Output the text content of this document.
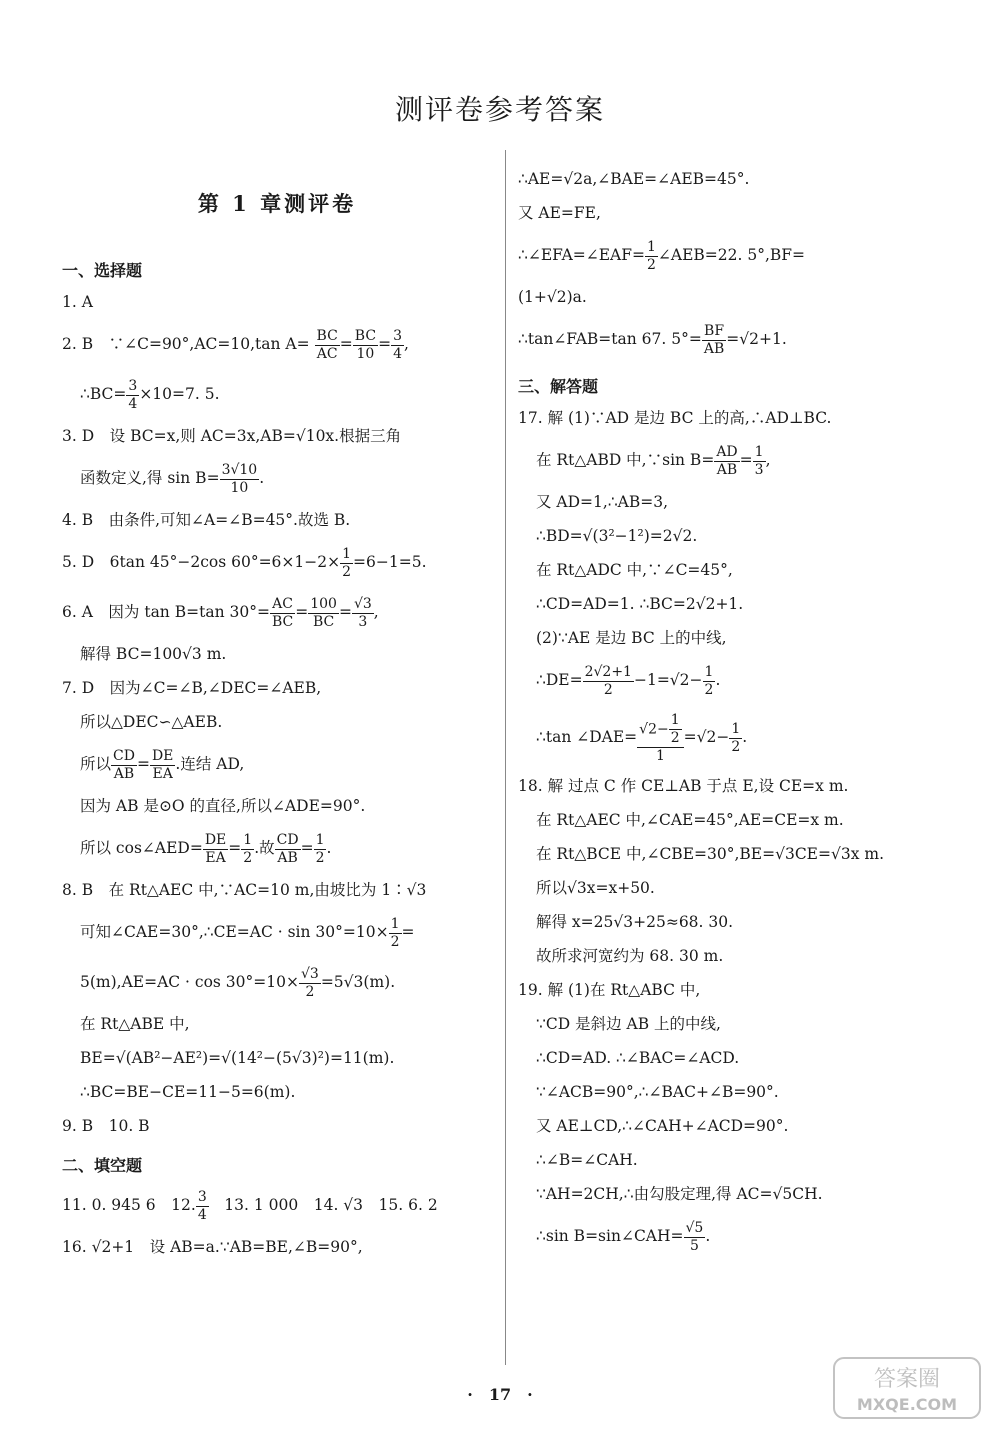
测评卷参考答案
第 1 章测评卷
一、选择题
1. A
2. B　∵∠C=90°,AC=10,tan $A= \frac{BC}{AC} = \frac{BC}{10} = \frac{3}{4}$ ,
∴BC= $\frac{3}{4} \times 10=7$. 5.
3. D　设 BC=x,则 AC=3x,AB=√10x.根据三角
函数定义,得 $\sin B= \frac{3√10}{10}$ .
4. B　由条件,可知∠A=∠B=45°.故选 B.
5. D　6tan 45°−2cos $60^\circ=6\times 1-2\times \frac{1}{2} =6-1=5$.
6. A　因为 tan B=tan $30^\circ= \frac{AC}{BC} = \frac{100}{BC} = \frac{√3}{3}$ ,
解得 BC=100√3 m.
7. D　因为∠C=∠B,∠DEC=∠AEB,
所以△DEC∽△AEB.
所以 $\frac{CD}{AB} = \frac{DE}{EA}$ .连结 AD,
因为 AB 是⊙O 的直径,所以∠ADE=90°.
所以 cos∠AED= $\frac{DE}{EA} = \frac{1}{2}$ .故 $\frac{CD}{AB} = \frac{1}{2}$ .
8. B　在 Rt△AEC 中,∵AC=10 m,由坡比为 1∶√3
可知∠CAE=30°,∴CE=AC · $\sin 30^\circ=10\times \frac{1}{2}$ =
$5(m),AE=AC \cdot \cos 30^\circ=10\times \frac{√3}{2} =5√3(m)$.
在 Rt△ABE 中,
BE=√(AB²−AE²)=√(14²−(5√3)²)=11(m).
∴BC=BE−CE=11−5=6(m).
9. B　10. B
二、填空题
11. 0. 945 6　12. $\frac{3}{4}$
　 13. 1 000　14. √3　15. 6. 2
16. √2+1　设 AB=a.∵AB=BE,∠B=90°,
∴AE=√2a,∠BAE=∠AEB=45°.
又 AE=FE,
∴∠EFA=∠EAF= $\frac{1}{2}$ ∠AEB=22. 5°,BF=
(1+√2)a.
∴tan∠FAB=tan 67. $5^\circ= \frac{BF}{AB} =√2+1$.
三、解答题
17. 解 (1)∵AD 是边 BC 上的高,∴AD⊥BC.
在 Rt△ABD 中,∵sin $B= \frac{AD}{AB} = \frac{1}{3}$ ,
又 AD=1,∴AB=3,
∴BD=√(3²−1²)=2√2.
在 Rt△ADC 中,∵∠C=45°,
∴CD=AD=1. ∴BC=2√2+1.
(2)∵AE 是边 BC 上的中线,
∴DE= $\frac{2√2+1}{2} -1=√2- \frac{1}{2}$ .
∴tan ∠DAE= $\frac{√2- \frac{1}{2}}{1} =√2- \frac{1}{2}$ .
18. 解 过点 C 作 CE⊥AB 于点 E,设 CE=x m.
在 Rt△AEC 中,∠CAE=45°,AE=CE=x m.
在 Rt△BCE 中,∠CBE=30°,BE=√3CE=√3x m.
所以√3x=x+50.
解得 x=25√3+25≈68. 30.
故所求河宽约为 68. 30 m.
19. 解 (1)在 Rt△ABC 中,
∵CD 是斜边 AB 上的中线,
∴CD=AD. ∴∠BAC=∠ACD.
∵∠ACB=90°,∴∠BAC+∠B=90°.
又 AE⊥CD,∴∠CAH+∠ACD=90°.
∴∠B=∠CAH.
∵AH=2CH,∴由勾股定理,得 AC=√5CH.
∴sin B=sin∠CAH= $\frac{√5}{5}$ .
·　17　·
答案圈
MXQE.COM
